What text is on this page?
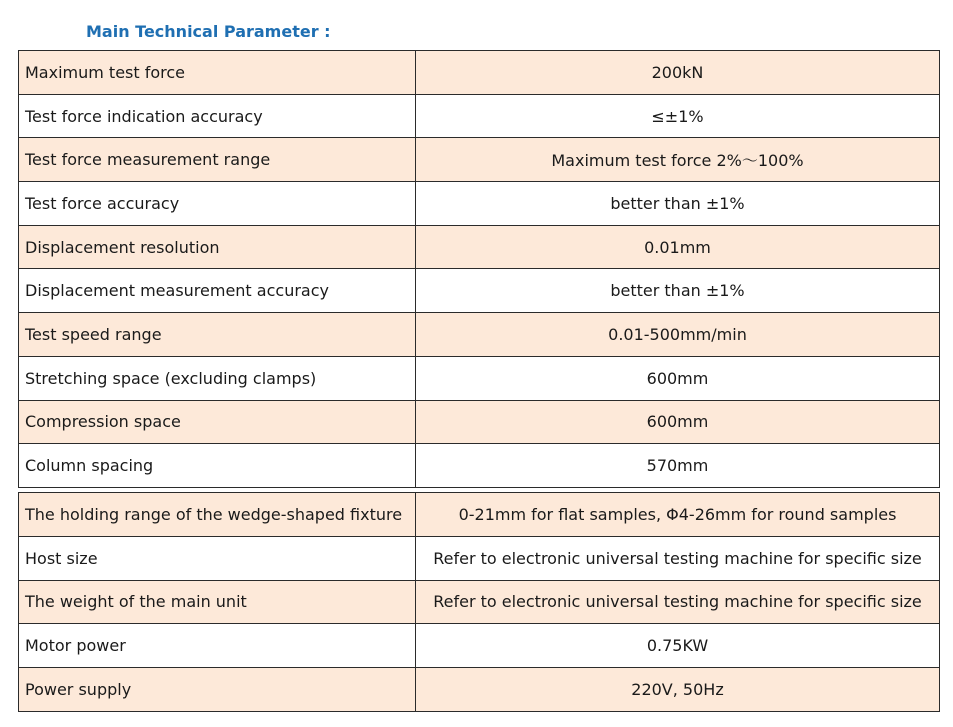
Main Technical Parameter :
Maximum test force	200kN
Test force indication accuracy	≤±1%
Test force measurement range	Maximum test force 2%～100%
Test force accuracy	better than ±1%
Displacement resolution	0.01mm
Displacement measurement accuracy	better than ±1%
Test speed range	0.01-500mm/min
Stretching space (excluding clamps)	600mm
Compression space	600mm
Column spacing	570mm
The holding range of the wedge-shaped fixture	0-21mm for flat samples, Φ4-26mm for round samples
Host size	Refer to electronic universal testing machine for specific size
The weight of the main unit	Refer to electronic universal testing machine for specific size
Motor power	0.75KW
Power supply	220V, 50Hz
